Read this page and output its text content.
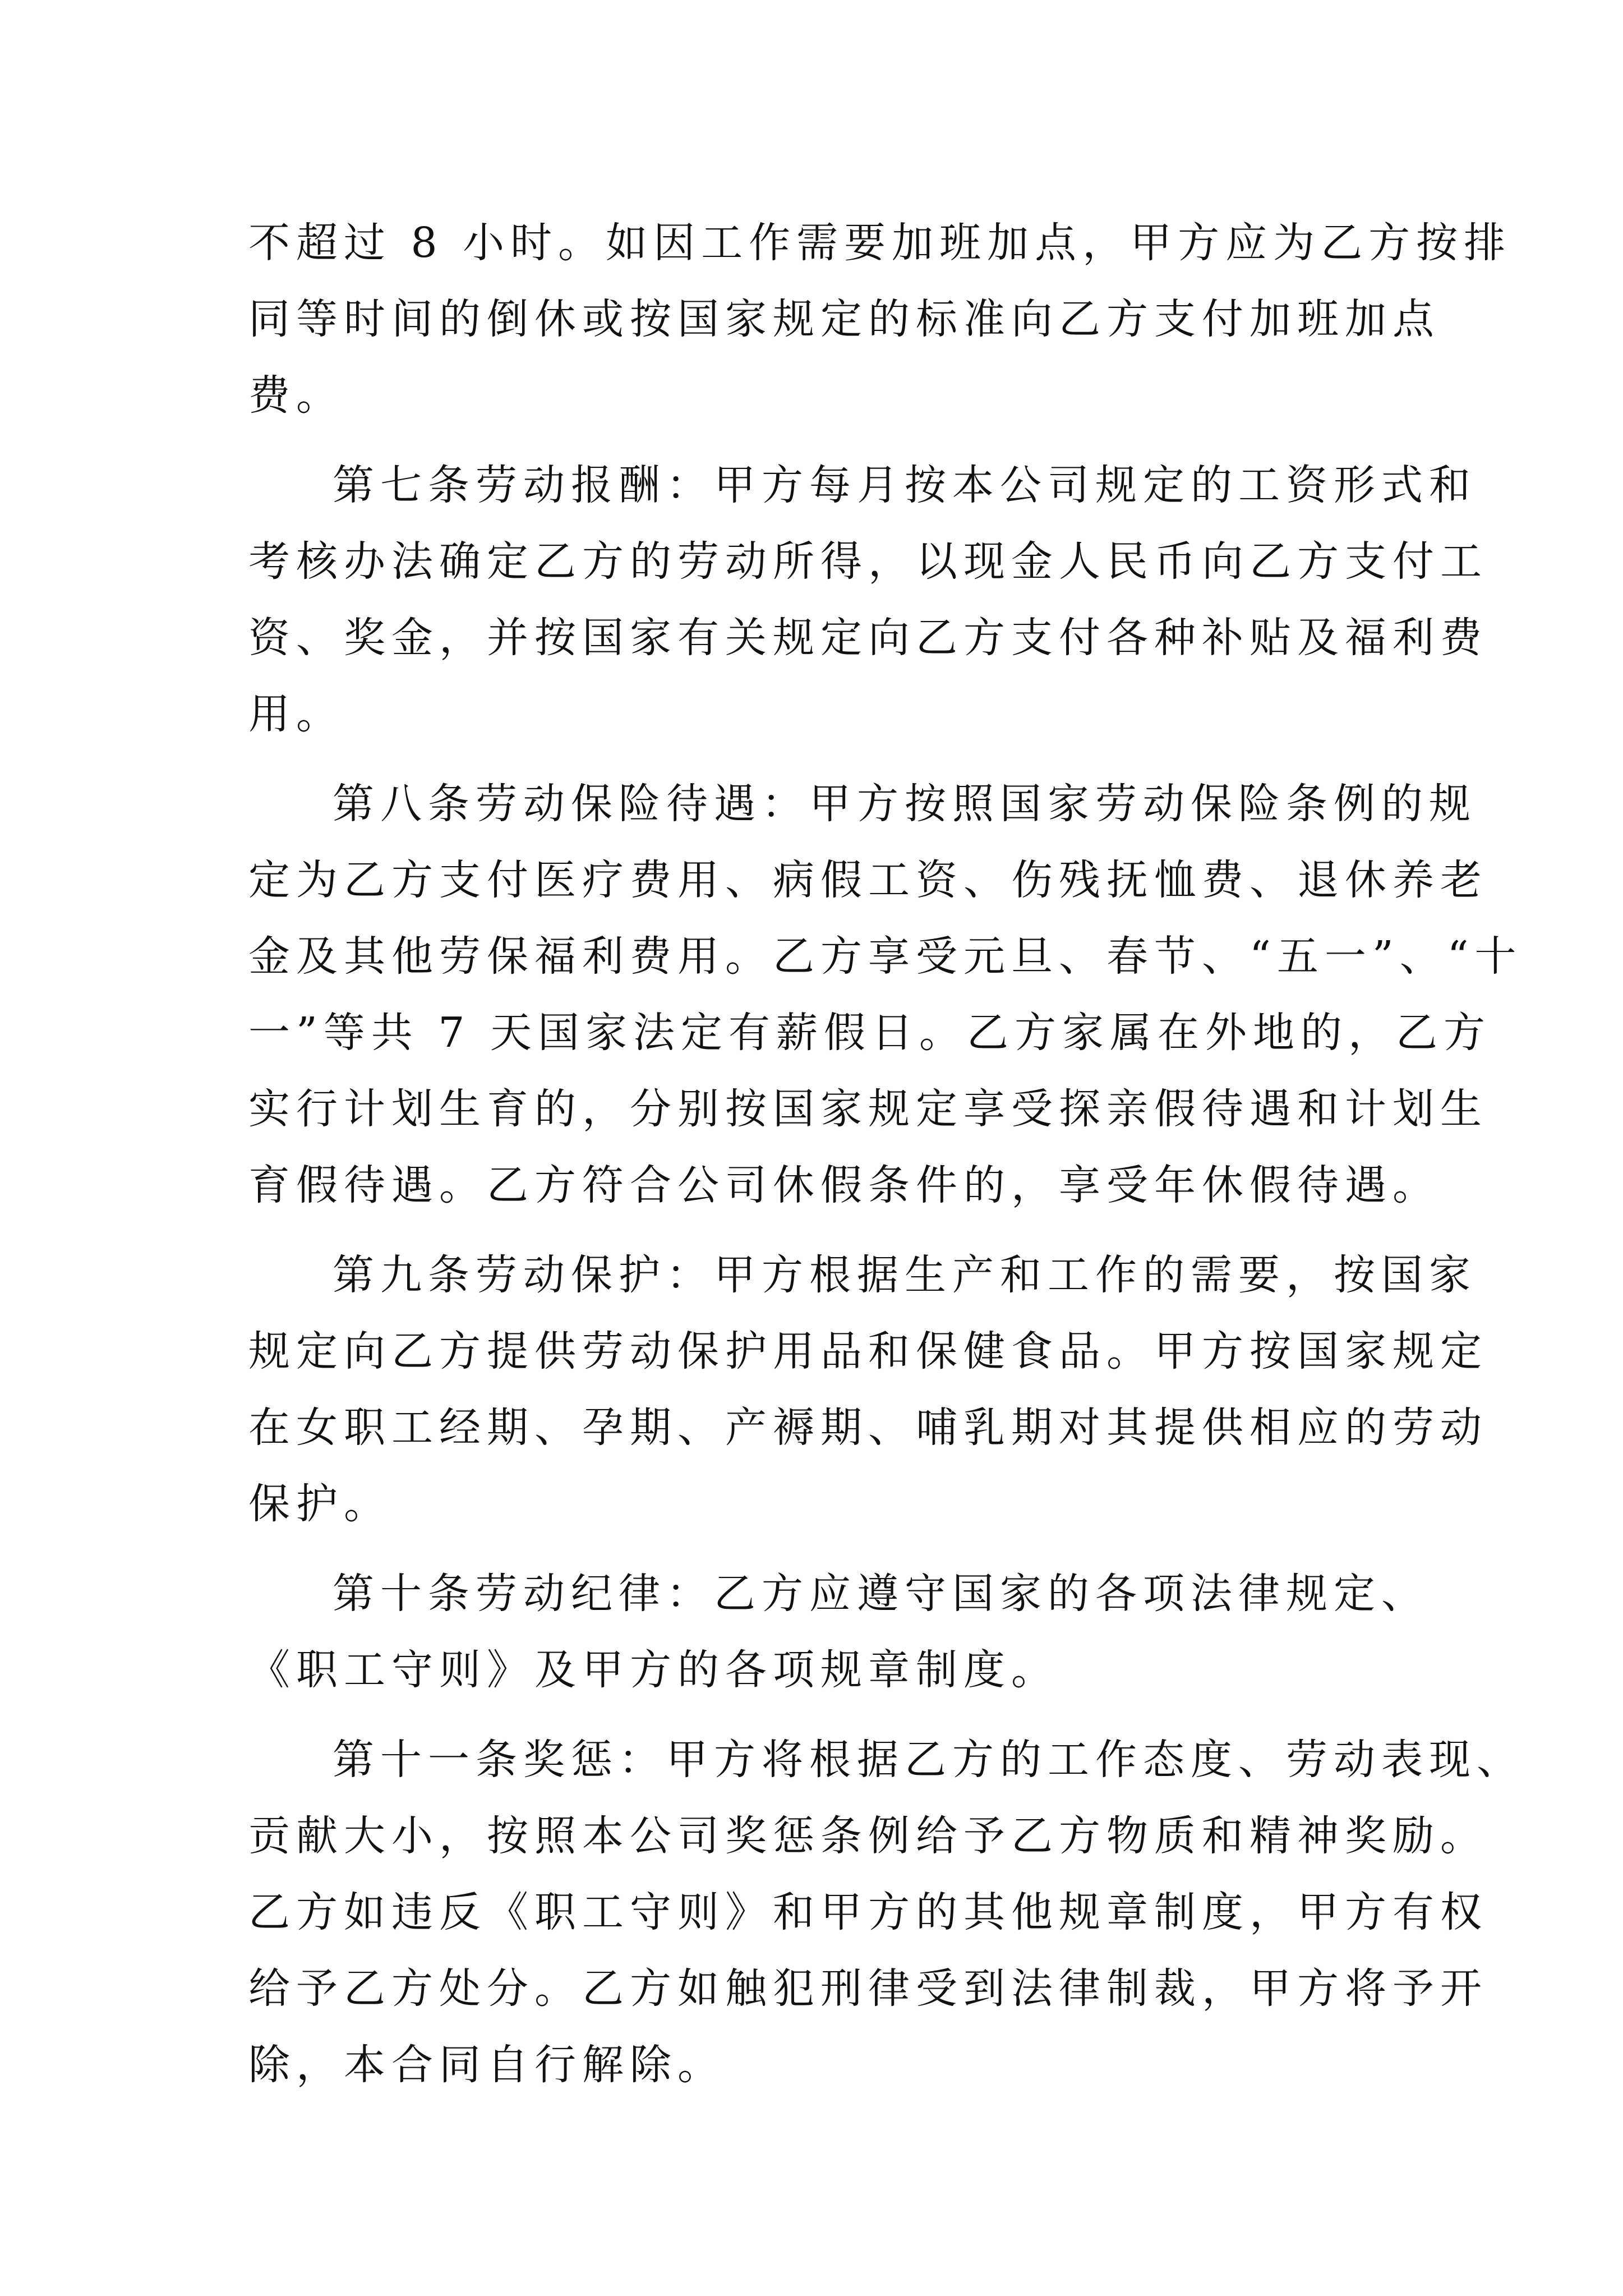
不超过 8 小时。如因工作需要加班加点，甲方应为乙方按排
同等时间的倒休或按国家规定的标准向乙方支付加班加点
费。
第七条劳动报酬：甲方每月按本公司规定的工资形式和
考核办法确定乙方的劳动所得，以现金人民币向乙方支付工
资、奖金，并按国家有关规定向乙方支付各种补贴及福利费
用。
第八条劳动保险待遇：甲方按照国家劳动保险条例的规
定为乙方支付医疗费用、病假工资、伤残抚恤费、退休养老
金及其他劳保福利费用。乙方享受元旦、春节、“五一”、“十
一”等共 7 天国家法定有薪假日。乙方家属在外地的，乙方
实行计划生育的，分别按国家规定享受探亲假待遇和计划生
育假待遇。乙方符合公司休假条件的，享受年休假待遇。
第九条劳动保护：甲方根据生产和工作的需要，按国家
规定向乙方提供劳动保护用品和保健食品。甲方按国家规定
在女职工经期、孕期、产褥期、哺乳期对其提供相应的劳动
保护。
第十条劳动纪律：乙方应遵守国家的各项法律规定、
《职工守则》及甲方的各项规章制度。
第十一条奖惩：甲方将根据乙方的工作态度、劳动表现、
贡献大小，按照本公司奖惩条例给予乙方物质和精神奖励。
乙方如违反《职工守则》和甲方的其他规章制度，甲方有权
给予乙方处分。乙方如触犯刑律受到法律制裁，甲方将予开
除，本合同自行解除。
